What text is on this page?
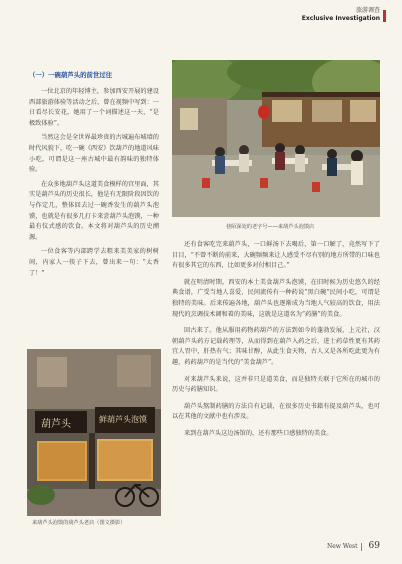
旅游调查
Exclusive Investigation
（一）一碗葫芦头的前世过往

一位北京的年轻博主，参加西安开展的建设西部旅游体验等活动之后，曾在视频中写到：一日看尽长安花，她用了一个词描述这一天，“是极致体验”。

当然这会是全世界最珍贵的古城遍布城墙的时代风貌下，吃一碗《西安》饮葫芦的地道风味小吃，可谓是这一座古城中最有韵味的独特体验。

在众多地葫芦头这道美食模样的宫里面，其实是葫芦头的历史很长，他是有无限阶段因饮的与作定几，整体回去过一碗香发生的葫芦头泡馍，也就是有很多几打卡来尝葫芦头泡馍，一种最有仪式感的饮食。本文将对葫芦头的历史溯源。

一位食客等内部跨学去粗来美美家的树树间，内家人一筷子下去，曾出来一句：“太香了！”

巷陌深处的老字号——来葫芦头泡馍店

还有食客吃完来葫芦头，一口鲜汤下去喝后，第一口解了，竟然写下了目目，“不曾不断的前来，大碗频频来让人感受不尽有别的地方所带的口味也有很多其它的东西，比如更多对付相目己。”

就在明清时期，西安的本土美食葫芦头泡馍，在旧时候为历史悠久的经典食谱，广受当地人喜爱，民间流传有一种药说“黑白碗”民间小吃，可谓是独特的美味。后来传遍各地，葫芦头也逐渐成为当地人气较高的饮食，用法现代的烹调技术调和着的美味，这就是这道名为“药膳”的美食。

回古来了。他从服用药物药葫芦的方法到如今的蓬勃发展，上元社，汉朝葫芦头药方记载药理等，从而得到在葫芦入药之后，进士药草性更有其药宜人胃中，肝热有气；其味甘醇，从此生食天物，古人又是各所吃此更为有趣，药药葫芦的是当代的“美食葫芦”。

对来葫芦头来说，这并非只是道美食，而是独特关联于它所在的城市的历史与药膳知识。

葫芦头熬制药膳的方法自有记载，在很多历史书籍有提及葫芦头，也可以在其他的文献中也有涉及。

来到在葫芦头这边汤馆的，还有那些口感独特的美食。

葫芦头	鲜葫芦头泡馍
来葫芦头泡馍的葫芦头老店（图文摄影）
New West 69
